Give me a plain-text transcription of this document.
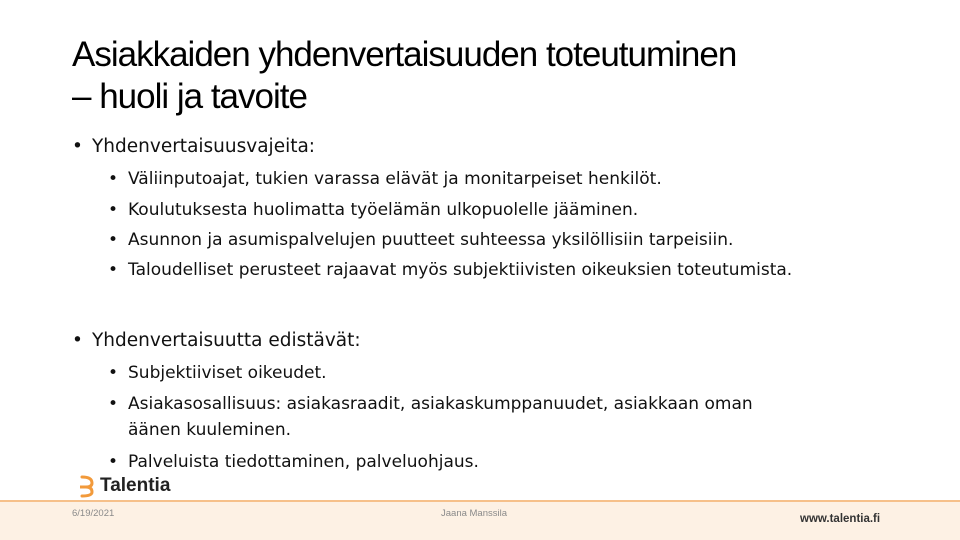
Asiakkaiden yhdenvertaisuuden toteutuminen
– huoli ja tavoite
• Yhdenvertaisuusvajeita:
• Väliinputoajat, tukien varassa elävät ja monitarpeiset henkilöt.
• Koulutuksesta huolimatta työelämän ulkopuolelle jääminen.
• Asunnon ja asumispalvelujen puutteet suhteessa yksilöllisiin tarpeisiin.
• Taloudelliset perusteet rajaavat myös subjektiivisten oikeuksien toteutumista.
• Yhdenvertaisuutta edistävät:
• Subjektiiviset oikeudet.
• Asiakasosallisuus: asiakasraadit, asiakaskumppanuudet, asiakkaan oman
äänen kuuleminen.
• Palveluista tiedottaminen, palveluohjaus.
Talentia
6/19/2021	Jaana Manssila	www.talentia.fi
